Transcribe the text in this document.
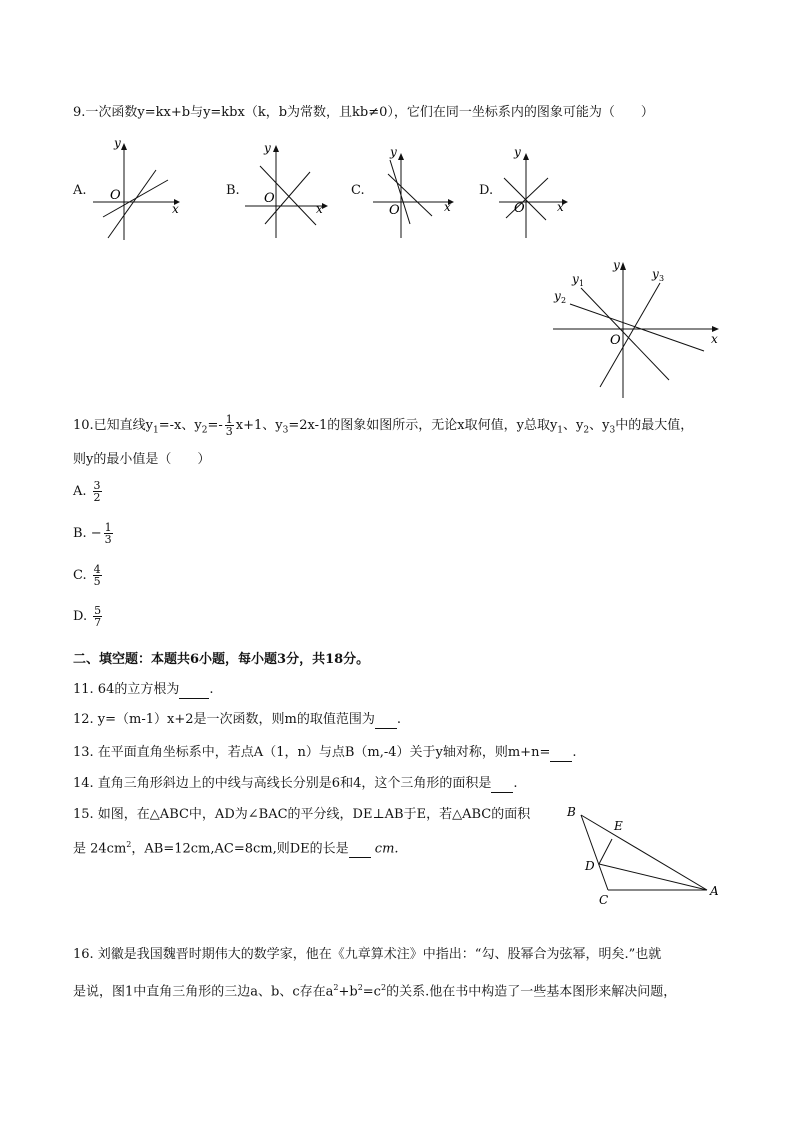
9.一次函数y=kx+b与y=kbx（k，b为常数，且kb≠0），它们在同一坐标系内的图象可能为（　　）
A.
y
x
O	B.
y
x
O
C.
y
x
O
D.
y
x
O
y
x
O
y 1
y 2
y 3
10.已知直线$y_1=-x$、$y_2=- \frac{1}{3} x+1$、$y_3=2x-1$的图象如图所示，无论x取何值，y总取$y_1$、$y_2$、$y_3$中的最大值，
则y的最小值是（　　）
A. $\frac{3}{2}$
B. − $\frac{1}{3}$
C. $\frac{4}{5}$
D. $\frac{5}{7}$
二、填空题：本题共6小题，每小题3分，共18分。
11. 64的立方根为 .
12. y=（m-1）x+2是一次函数，则m的取值范围为 .
13. 在平面直角坐标系中，若点A（1，n）与点B（m,-4）关于y轴对称，则m+n= .
14. 直角三角形斜边上的中线与高线长分别是6和4，这个三角形的面积是 .
15. 如图，在△ABC中，AD为∠BAC的平分线，DE⊥AB于E，若△ABC的面积
是 $24cm^2$，AB=12cm,AC=8cm,则DE的长是 cm.
B
E
D
C
A
16. 刘徽是我国魏晋时期伟大的数学家，他在《九章算术注》中指出：“勾、股幂合为弦幂，明矣.”也就
是说，图1中直角三角形的三边a、b、c存在$a^2+b^2=c^2$的关系.他在书中构造了一些基本图形来解决问题，
